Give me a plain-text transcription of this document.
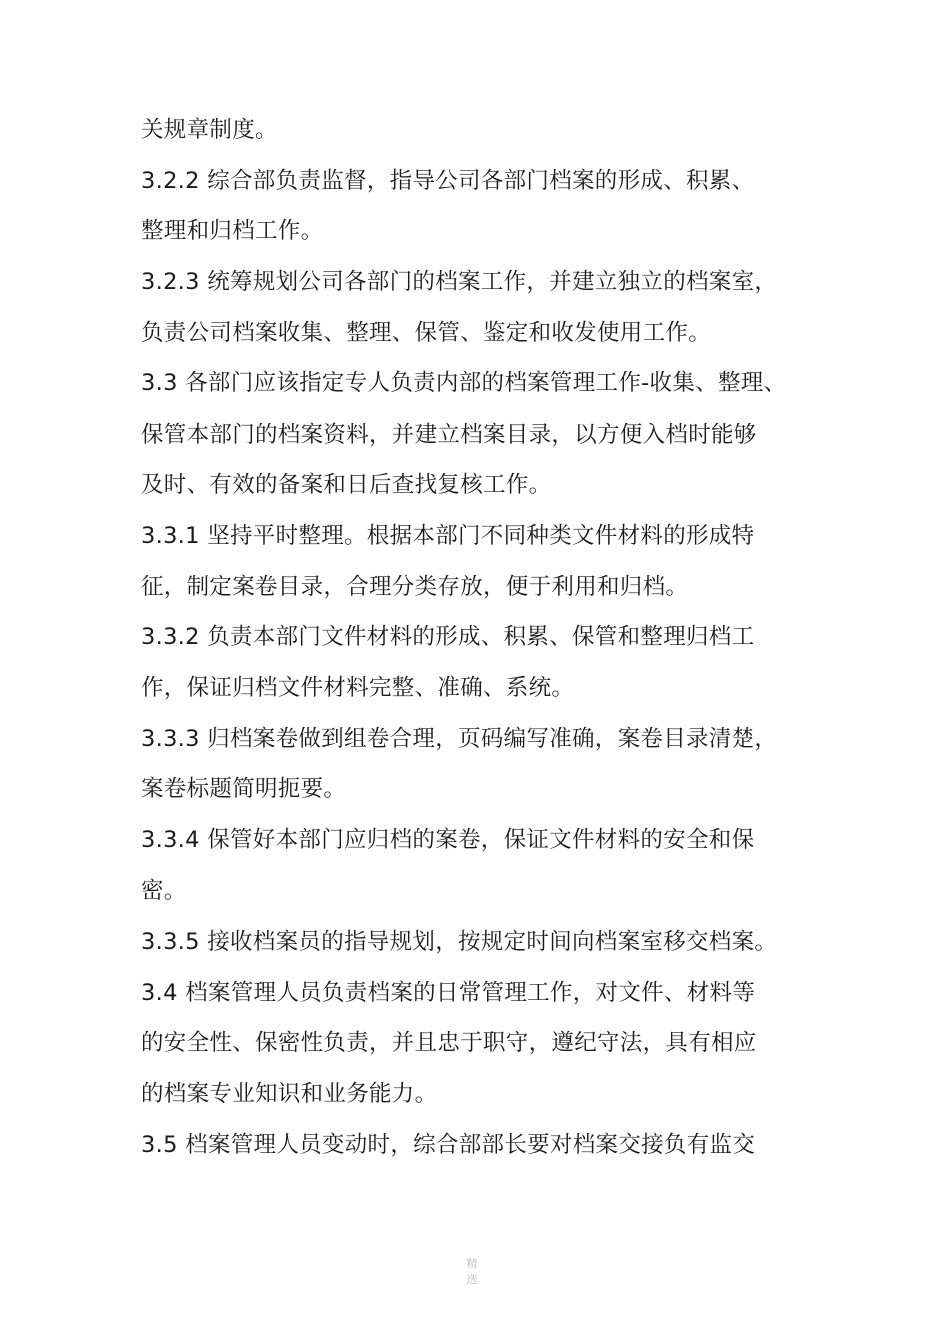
关规章制度。
3.2.2 综合部负责监督，指导公司各部门档案的形成、积累、
整理和归档工作。
3.2.3 统筹规划公司各部门的档案工作，并建立独立的档案室，
负责公司档案收集、整理、保管、鉴定和收发使用工作。
3.3 各部门应该指定专人负责内部的档案管理工作-收集、整理、
保管本部门的档案资料，并建立档案目录，以方便入档时能够
及时、有效的备案和日后查找复核工作。
3.3.1 坚持平时整理。根据本部门不同种类文件材料的形成特
征，制定案卷目录，合理分类存放，便于利用和归档。
3.3.2 负责本部门文件材料的形成、积累、保管和整理归档工
作，保证归档文件材料完整、准确、系统。
3.3.3 归档案卷做到组卷合理，页码编写准确，案卷目录清楚，
案卷标题简明扼要。
3.3.4 保管好本部门应归档的案卷，保证文件材料的安全和保
密。
3.3.5 接收档案员的指导规划，按规定时间向档案室移交档案。
3.4 档案管理人员负责档案的日常管理工作，对文件、材料等
的安全性、保密性负责，并且忠于职守，遵纪守法，具有相应
的档案专业知识和业务能力。
3.5 档案管理人员变动时，综合部部长要对档案交接负有监交
精
选
